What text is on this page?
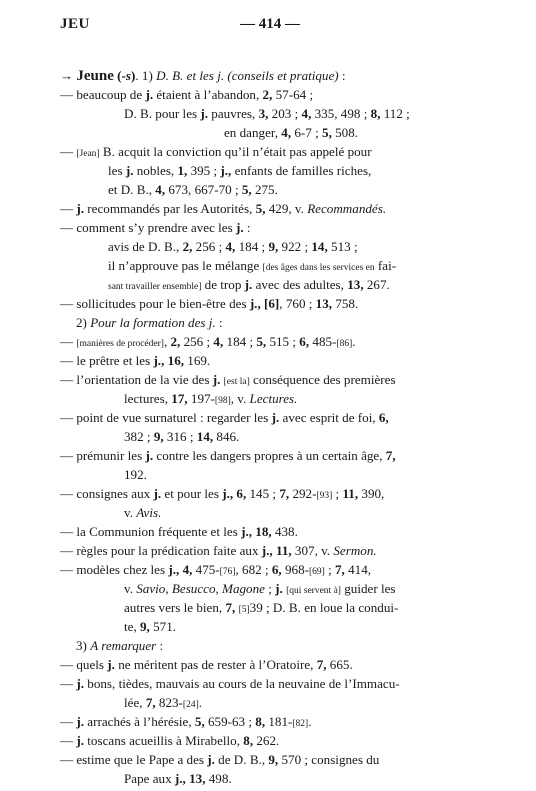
JEU	— 414 —
→ Jeune (-s). 1) D. B. et les j. (conseils et pratique) :
— beaucoup de j. étaient à l’abandon, 2, 57-64 ;
D. B. pour les j. pauvres, 3, 203 ; 4, 335, 498 ; 8, 112 ;
en danger, 4, 6-7 ; 5, 508.
— [Jean] B. acquit la conviction qu’il n’était pas appelé pour
les j. nobles, 1, 395 ; j., enfants de familles riches,
et D. B., 4, 673, 667-70 ; 5, 275.
— j. recommandés par les Autorités, 5, 429, v. Recommandés.
— comment s’y prendre avec les j. :
avis de D. B., 2, 256 ; 4, 184 ; 9, 922 ; 14, 513 ;
il n’approuve pas le mélange [des âges dans les services en fai-
sant travailler ensemble] de trop j. avec des adultes, 13, 267.
— sollicitudes pour le bien-être des j., [6], 760 ; 13, 758.
2) Pour la formation des j. :
— [manières de procéder], 2, 256 ; 4, 184 ; 5, 515 ; 6, 485-[86].
— le prêtre et les j., 16, 169.
— l’orientation de la vie des j. [est la] conséquence des premières
lectures, 17, 197-[98], v. Lectures.
— point de vue surnaturel : regarder les j. avec esprit de foi, 6,
382 ; 9, 316 ; 14, 846.
— prémunir les j. contre les dangers propres à un certain âge, 7,
192.
— consignes aux j. et pour les j., 6, 145 ; 7, 292-[93] ; 11, 390,
v. Avis.
— la Communion fréquente et les j., 18, 438.
— règles pour la prédication faite aux j., 11, 307, v. Sermon.
— modèles chez les j., 4, 475-[76], 682 ; 6, 968-[69] ; 7, 414,
v. Savio, Besucco, Magone ; j. [qui servent à] guider les
autres vers le bien, 7, [5]39 ; D. B. en loue la condui-
te, 9, 571.
3) A remarquer :
— quels j. ne méritent pas de rester à l’Oratoire, 7, 665.
— j. bons, tièdes, mauvais au cours de la neuvaine de l’Immacu-
lée, 7, 823-[24].
— j. arrachés à l’hérésie, 5, 659-63 ; 8, 181-[82].
— j. toscans acueillis à Mirabello, 8, 262.
— estime que le Pape a des j. de D. B., 9, 570 ; consignes du
Pape aux j., 13, 498.
